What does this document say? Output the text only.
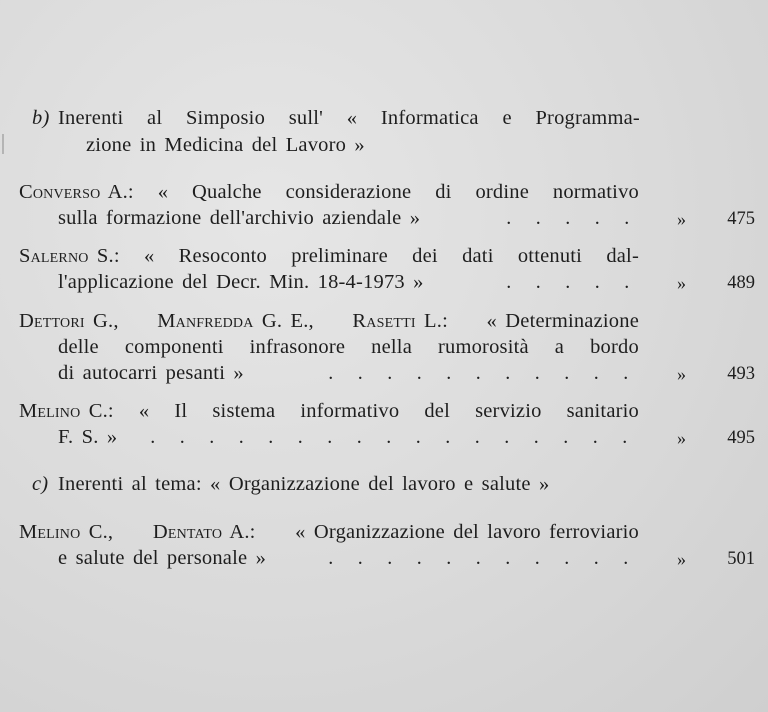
b) Inerenti al Simposio sull' « Informatica e Programma-
zione in Medicina del Lavoro »
Converso A.: « Qualche considerazione di ordine normativo
sulla formazione dell'archivio aziendale »	. . . . .	»	475
Salerno S.: « Resoconto preliminare dei dati ottenuti dal-
l'applicazione del Decr. Min. 18-4-1973 »	. . . . .	»	489
Dettori G., Manfredda G. E., Rasetti L.: « Determinazione
delle componenti infrasonore nella rumorosità a bordo
di autocarri pesanti »	. . . . . . . . . . .	»	493
Melino C.: « Il sistema informativo del servizio sanitario
F. S. »	. . . . . . . . . . . . . . . . .	»	495
c) Inerenti al tema: « Organizzazione del lavoro e salute »
Melino C., Dentato A.: « Organizzazione del lavoro ferroviario
e salute del personale »	. . . . . . . . . . .	»	501
